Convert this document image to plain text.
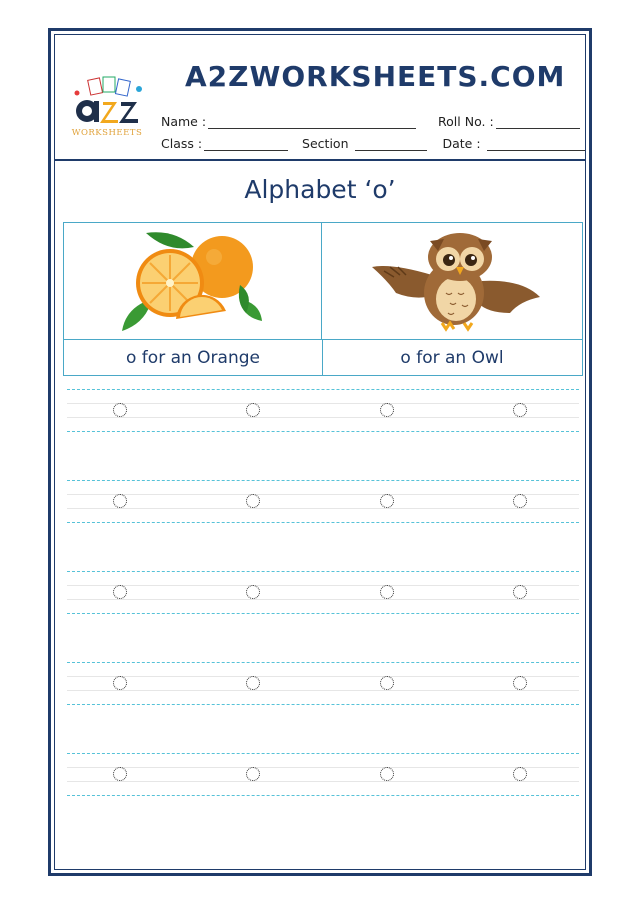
WORKSHEETS
A2ZWORKSHEETS.COM
Name :	Roll No. :
Class :	Section	Date :
Alphabet ‘o’
o for an Orange	o for an Owl
